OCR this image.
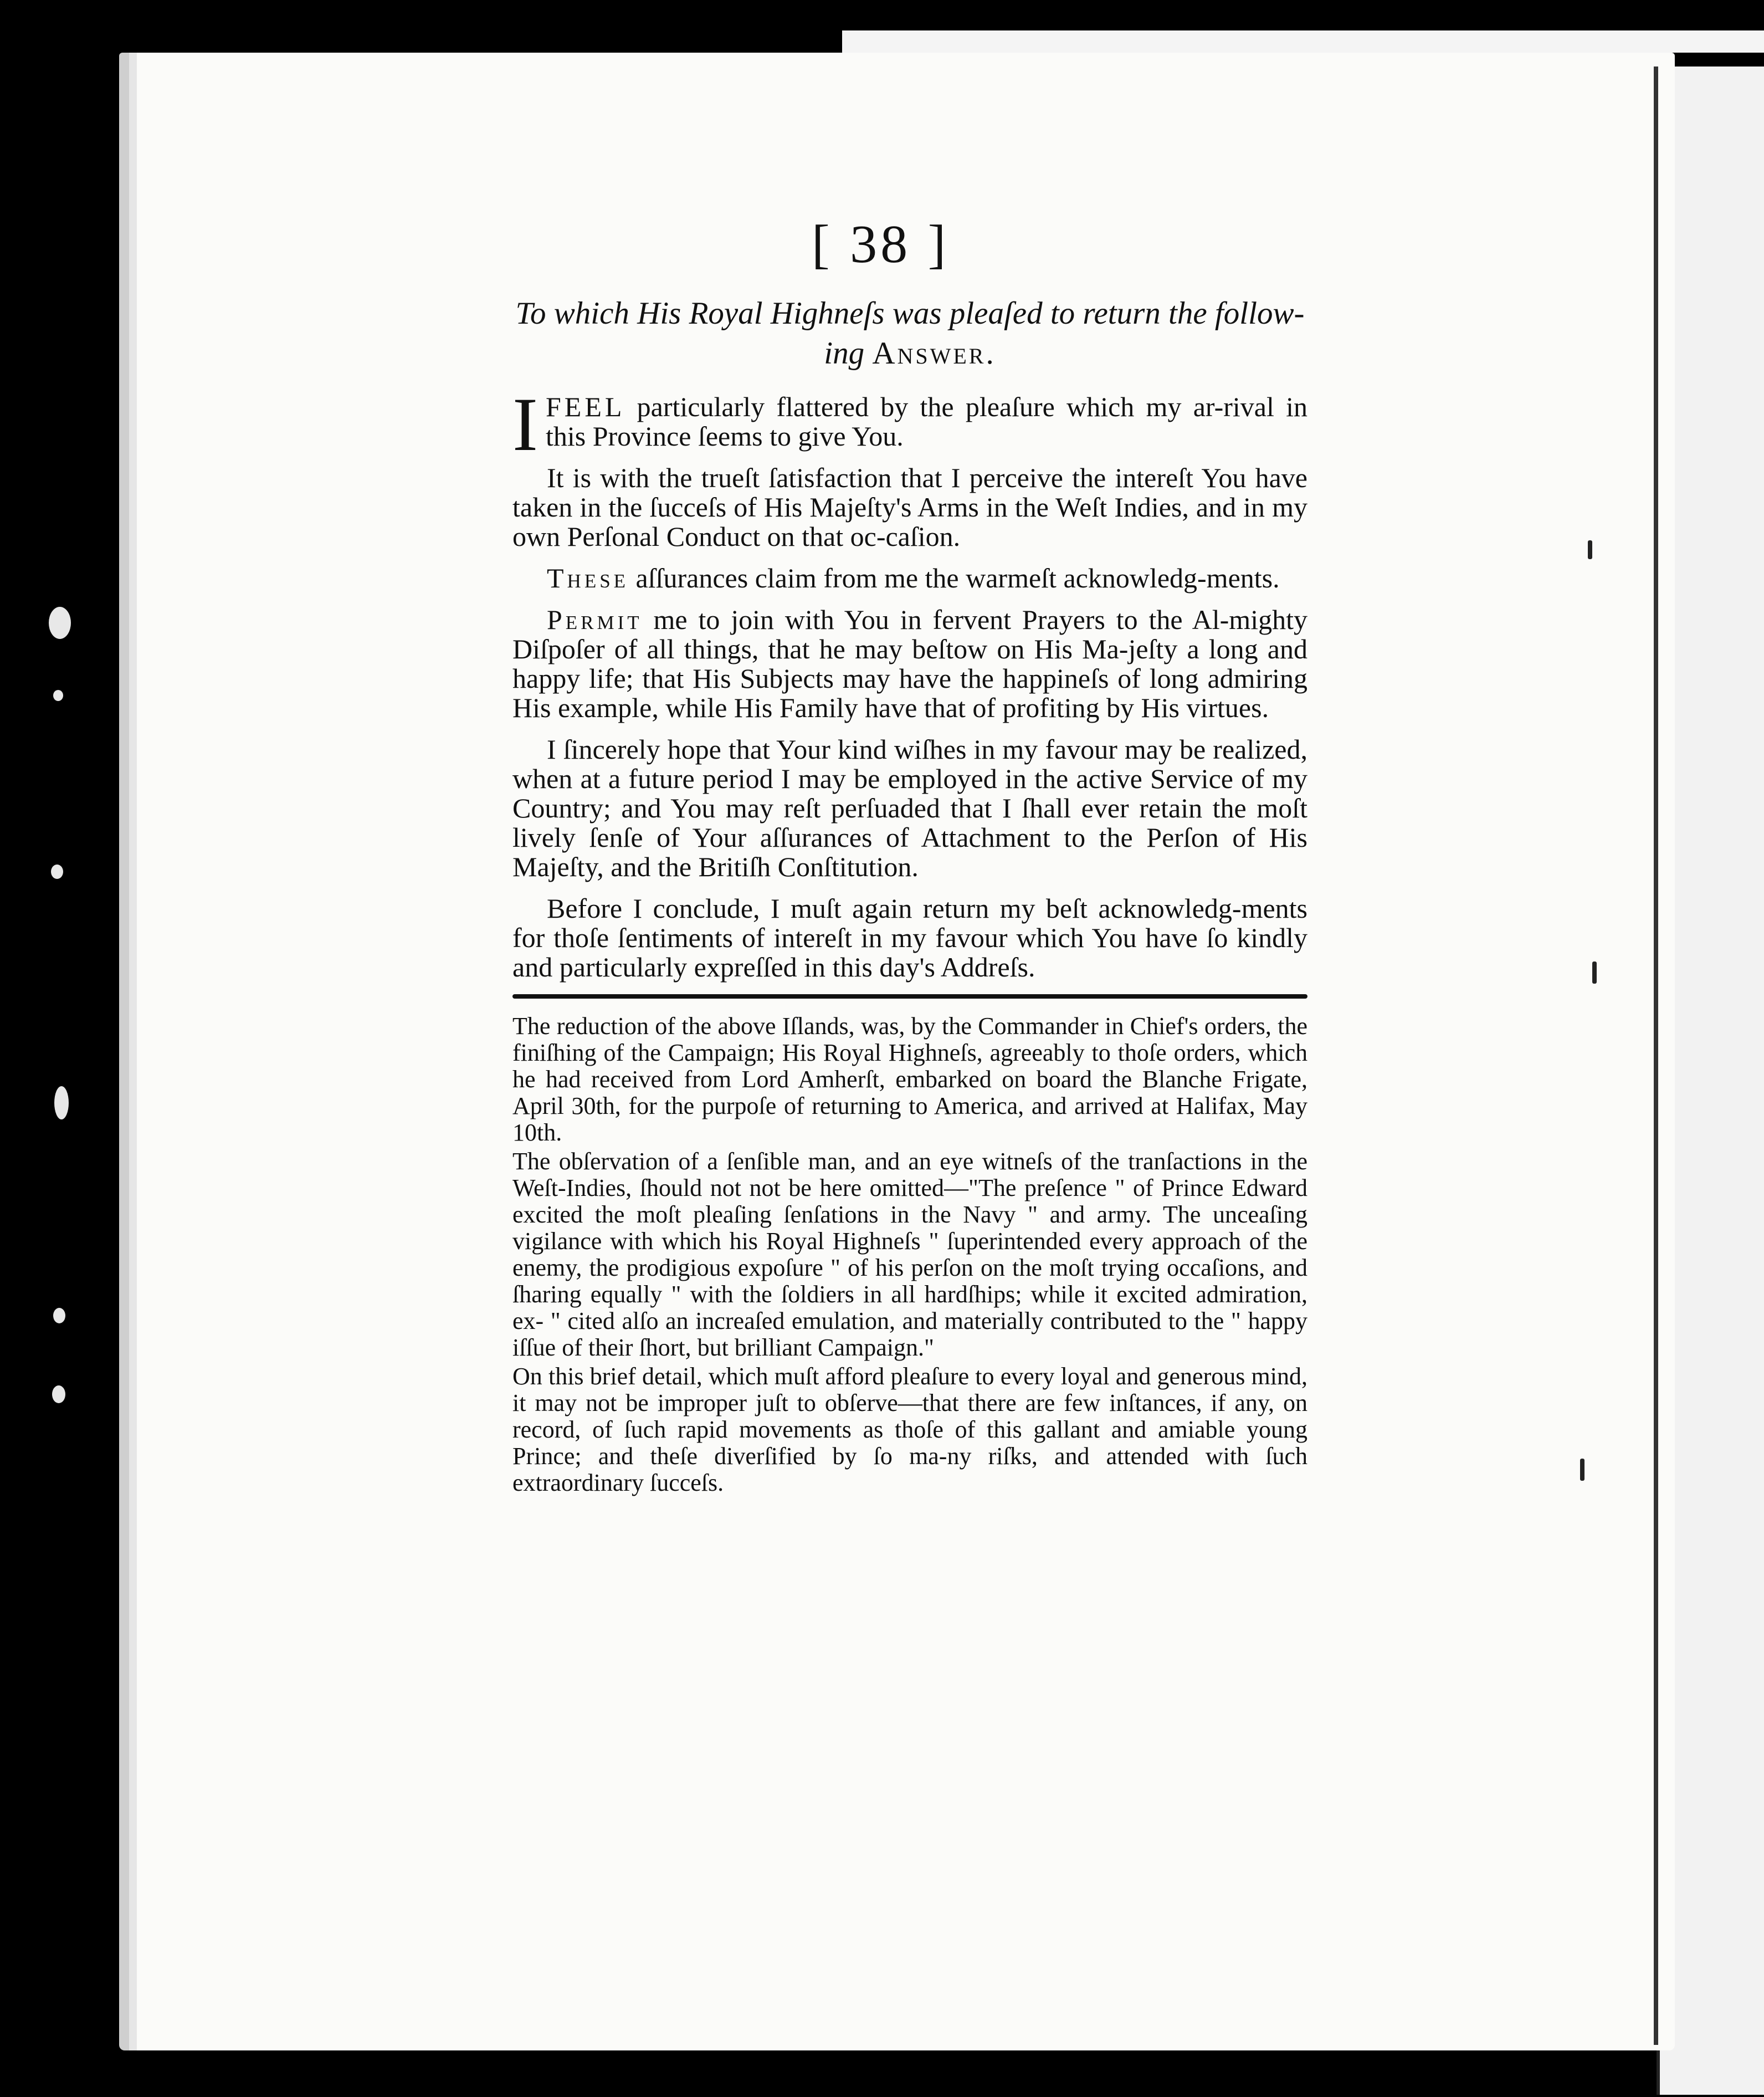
[ 38 ]

To which His Royal Highneſs was pleaſed to return the follow-ing Answer.

IFEEL particularly flattered by the pleaſure which my ar-rival in this Province ſeems to give You.

It is with the trueſt ſatisfaction that I perceive the intereſt You have taken in the ſucceſs of His Majeſty's Arms in the Weſt Indies, and in my own Perſonal Conduct on that oc-caſion.

These aſſurances claim from me the warmeſt acknowledg-ments.

Permit me to join with You in fervent Prayers to the Al-mighty Diſpoſer of all things, that he may beſtow on His Ma-jeſty a long and happy life; that His Subjects may have the happineſs of long admiring His example, while His Family have that of profiting by His virtues.

I ſincerely hope that Your kind wiſhes in my favour may be realized, when at a future period I may be employed in the active Service of my Country; and You may reſt perſuaded that I ſhall ever retain the moſt lively ſenſe of Your aſſurances of Attachment to the Perſon of His Majeſty, and the Britiſh Conſtitution.

Before I conclude, I muſt again return my beſt acknowledg-ments for thoſe ſentiments of intereſt in my favour which You have ſo kindly and particularly expreſſed in this day's Addreſs.

The reduction of the above Iſlands, was, by the Commander in Chief's orders, the finiſhing of the Campaign; His Royal Highneſs, agreeably to thoſe orders, which he had received from Lord Amherſt, embarked on board the Blanche Frigate, April 30th, for the purpoſe of returning to America, and arrived at Halifax, May 10th.

The obſervation of a ſenſible man, and an eye witneſs of the tranſactions in the Weſt-Indies, ſhould not not be here omitted—"The preſence " of Prince Edward excited the moſt pleaſing ſenſations in the Navy " and army. The unceaſing vigilance with which his Royal Highneſs " ſuperintended every approach of the enemy, the prodigious expoſure " of his perſon on the moſt trying occaſions, and ſharing equally " with the ſoldiers in all hardſhips; while it excited admiration, ex- " cited alſo an increaſed emulation, and materially contributed to the " happy iſſue of their ſhort, but brilliant Campaign."

On this brief detail, which muſt afford pleaſure to every loyal and generous mind, it may not be improper juſt to obſerve—that there are few inſtances, if any, on record, of ſuch rapid movements as thoſe of this gallant and amiable young Prince; and theſe diverſified by ſo ma-ny riſks, and attended with ſuch extraordinary ſucceſs.
